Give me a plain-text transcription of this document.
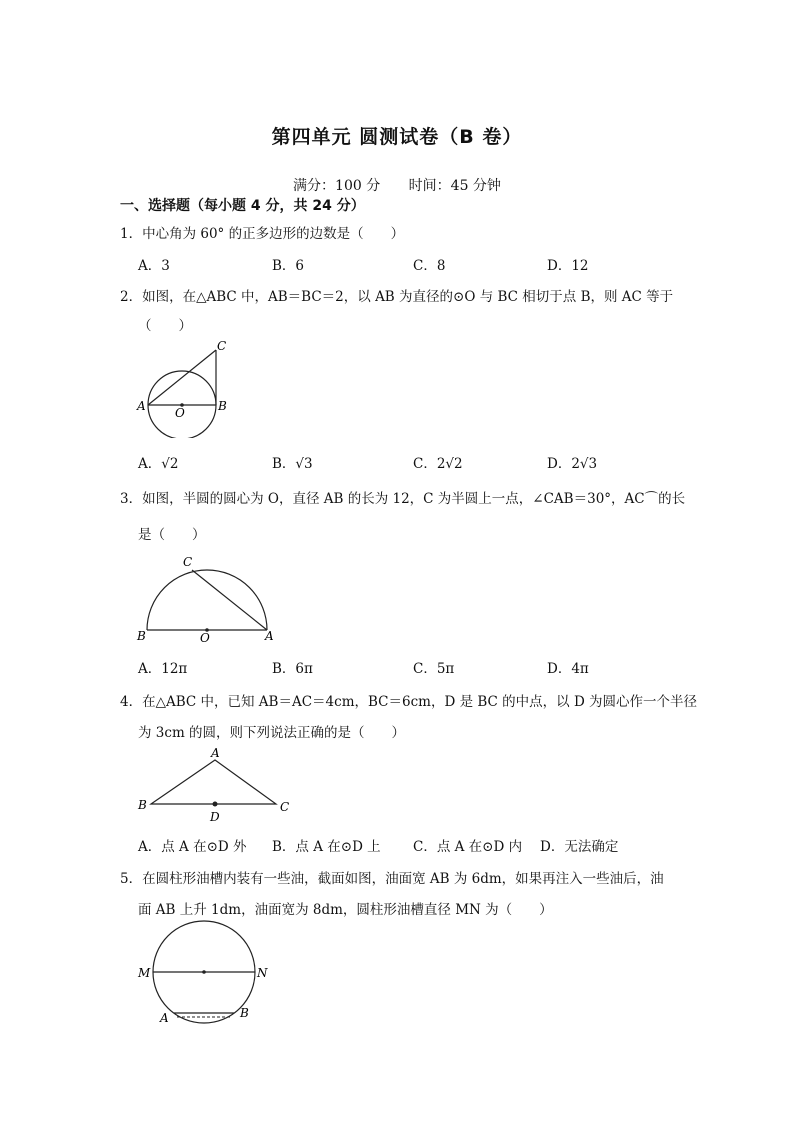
第四单元 圆测试卷（B 卷）
满分：100 分 时间：45 分钟
一、选择题（每小题 4 分，共 24 分）
1．中心角为 60° 的正多边形的边数是（　　）
A．3	B．6	C．8	D．12
2．如图，在△ABC 中，AB＝BC＝2，以 AB 为直径的⊙O 与 BC 相切于点 B，则 AC 等于
（　　）
A O	B
C
A．√2	B．√3	C．2√2	D．2√3
3．如图，半圆的圆心为 O，直径 AB 的长为 12，C 为半圆上一点，∠CAB＝30°，AC⌒的长
是（　　）
C
B	O	A
A．12π	B．6π	C．5π	D．4π
4．在△ABC 中，已知 AB＝AC＝4cm，BC＝6cm，D 是 BC 的中点，以 D 为圆心作一个半径
为 3cm 的圆，则下列说法正确的是（　　）
A
B
D
C
A．点 A 在⊙D 外 B．点 A 在⊙D 上 C．点 A 在⊙D 内 D．无法确定
5．在圆柱形油槽内装有一些油，截面如图，油面宽 AB 为 6dm，如果再注入一些油后，油
面 AB 上升 1dm，油面宽为 8dm，圆柱形油槽直径 MN 为（　　）
M	N
A	B
